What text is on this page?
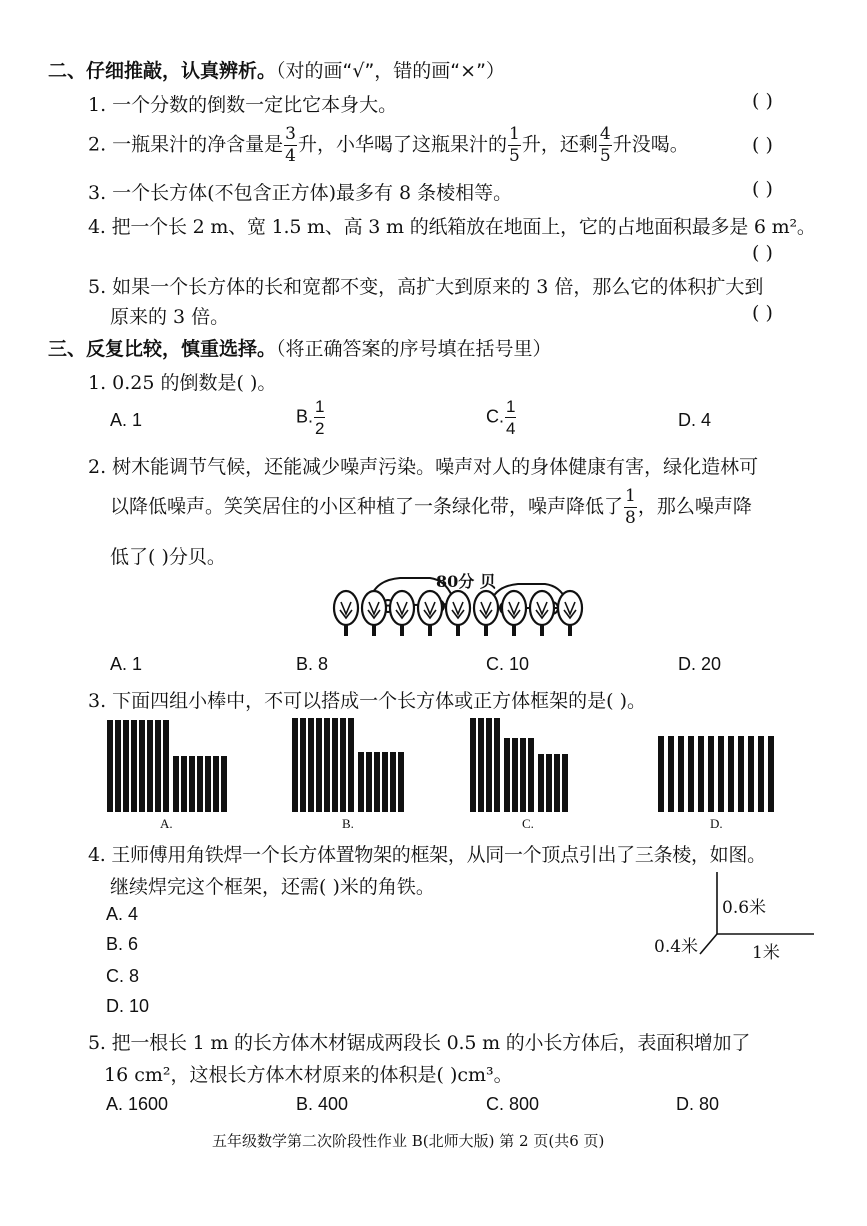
二、仔细推敲，认真辨析。（对的画“√”，错的画“×”）
1. 一个分数的倒数一定比它本身大。	( )
2. 一瓶果汁的净含量是 $\frac{3}{4}$ 升，小华喝了这瓶果汁的 $\frac{1}{5}$ 升，还剩 $\frac{4}{5}$ 升没喝。	( )
3. 一个长方体(不包含正方体)最多有 8 条棱相等。	( )
4. 把一个长 2 m、宽 1.5 m、高 3 m 的纸箱放在地面上，它的占地面积最多是 6 m²。
( )
5. 如果一个长方体的长和宽都不变，高扩大到原来的 3 倍，那么它的体积扩大到
原来的 3 倍。	( )
三、反复比较，慎重选择。（将正确答案的序号填在括号里）
1. 0.25 的倒数是( )。
A. 1	B. $\frac{1}{2}$	C. $\frac{1}{4}$	D. 4
2. 树木能调节气候，还能减少噪声污染。噪声对人的身体健康有害，绿化造林可
以降低噪声。笑笑居住的小区种植了一条绿化带，噪声降低了 $\frac{1}{8}$ ，那么噪声降
低了( )分贝。
80分 贝
A. 1	B. 8	C. 10	D. 20
3. 下面四组小棒中，不可以搭成一个长方体或正方体框架的是( )。
A.	B.	C.	D.
4. 王师傅用角铁焊一个长方体置物架的框架，从同一个顶点引出了三条棱，如图。
继续焊完这个框架，还需( )米的角铁。
A. 4
B. 6
C. 8
D. 10
0.6米
0.4米	1米
5. 把一根长 1 m 的长方体木材锯成两段长 0.5 m 的小长方体后，表面积增加了
16 cm²，这根长方体木材原来的体积是( )cm³。
A. 1600	B. 400	C. 800	D. 80
五年级数学第二次阶段性作业 B(北师大版) 第 2 页(共6 页)
